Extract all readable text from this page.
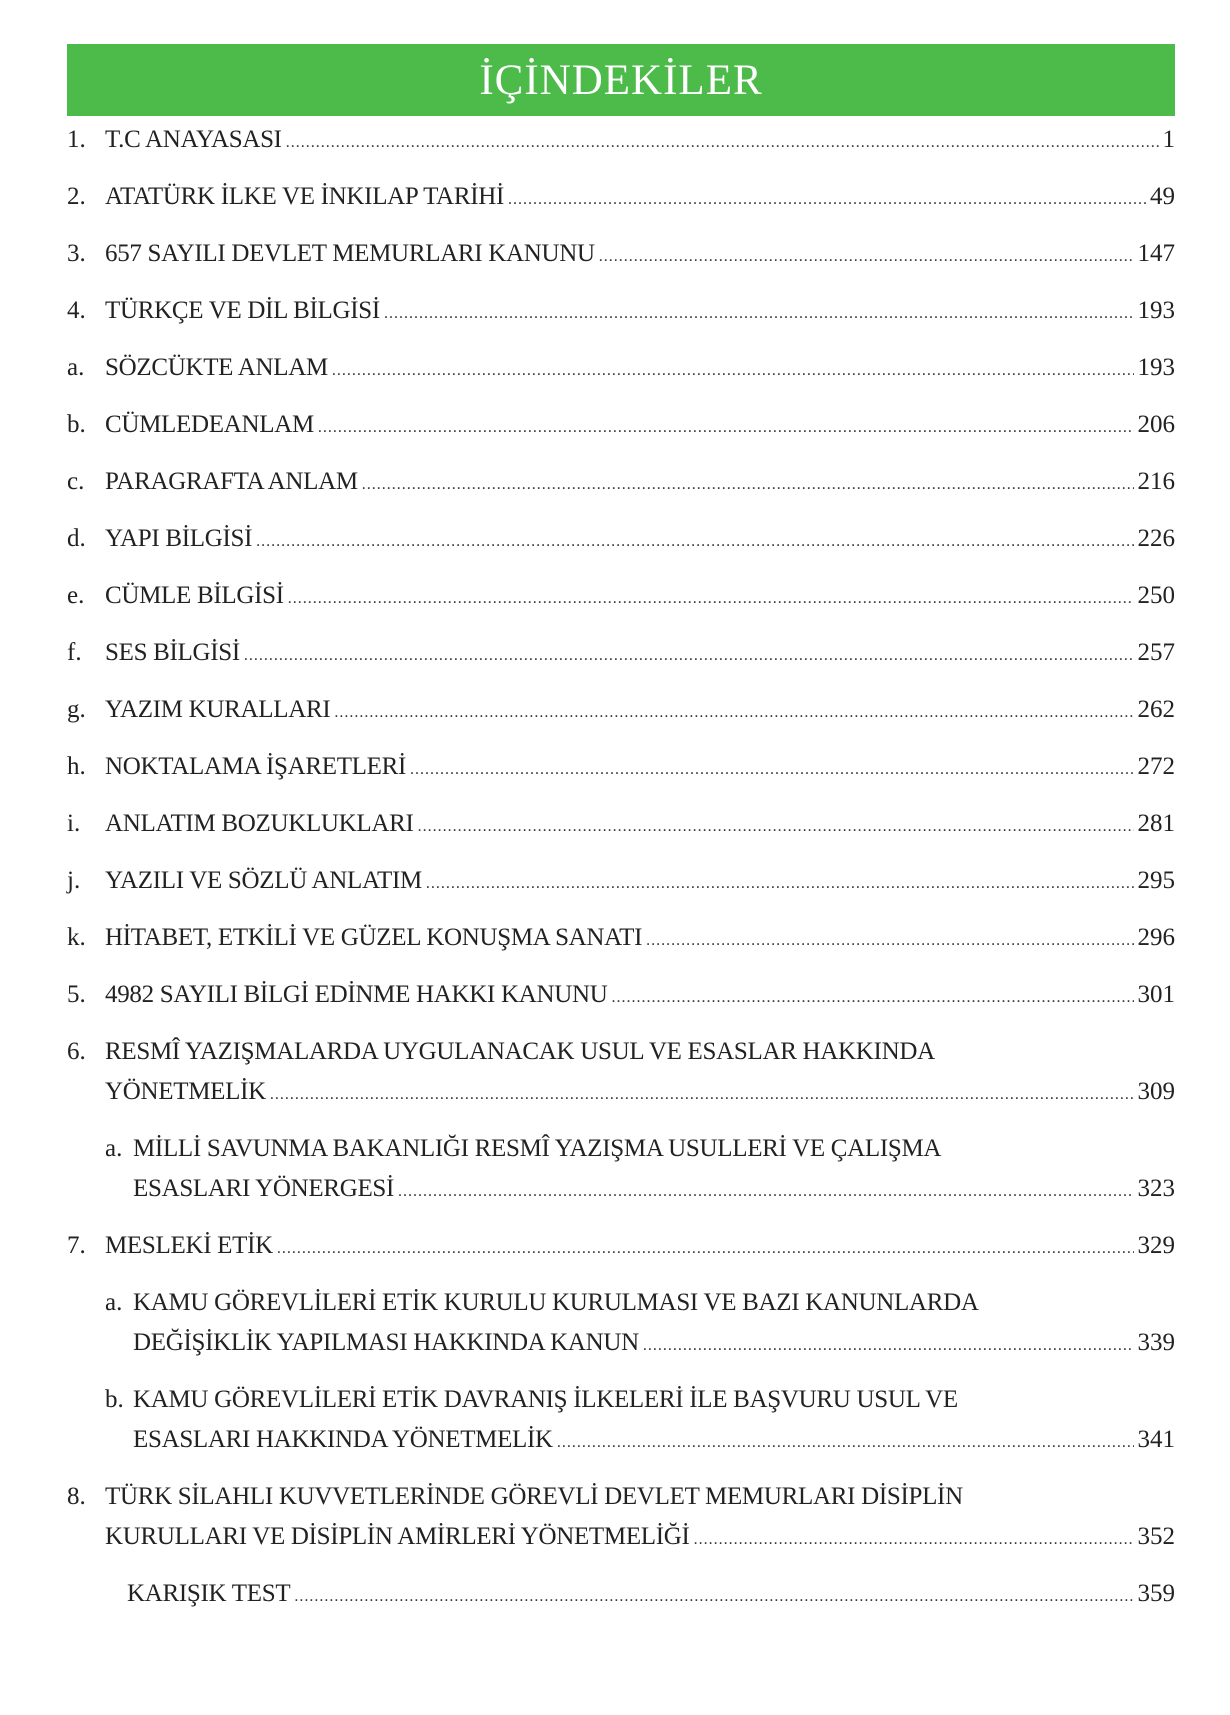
İÇİNDEKİLER
1. T.C ANAYASASI .....	1
2. ATATÜRK İLKE VE İNKILAP TARİHİ .....	49
3. 657 SAYILI DEVLET MEMURLARI KANUNU .....	147
4. TÜRKÇE VE DİL BİLGİSİ .....	193
a. SÖZCÜKTE ANLAM .....	193
b. CÜMLEDEANLAM .....	206
c. PARAGRAFTA ANLAM .....	216
d. YAPI BİLGİSİ .....	226
e. CÜMLE BİLGİSİ .....	250
f. SES BİLGİSİ .....	257
g. YAZIM KURALLARI .....	262
h. NOKTALAMA İŞARETLERİ .....	272
i. ANLATIM BOZUKLUKLARI .....	281
j. YAZILI VE SÖZLÜ ANLATIM .....	295
k. HİTABET, ETKİLİ VE GÜZEL KONUŞMA SANATI .....	296
5. 4982 SAYILI BİLGİ EDİNME HAKKI KANUNU .....	301
6. RESMÎ YAZIŞMALARDA UYGULANACAK USUL VE ESASLAR HAKKINDA
YÖNETMELİK .....	309
a. MİLLİ SAVUNMA BAKANLIĞI RESMÎ YAZIŞMA USULLERİ VE ÇALIŞMA
ESASLARI YÖNERGESİ .....	323
7. MESLEKİ ETİK .....	329
a. KAMU GÖREVLİLERİ ETİK KURULU KURULMASI VE BAZI KANUNLARDA
DEĞİŞİKLİK YAPILMASI HAKKINDA KANUN .....	339
b. KAMU GÖREVLİLERİ ETİK DAVRANIŞ İLKELERİ İLE BAŞVURU USUL VE
ESASLARI HAKKINDA YÖNETMELİK .....	341
8. TÜRK SİLAHLI KUVVETLERİNDE GÖREVLİ DEVLET MEMURLARI DİSİPLİN
KURULLARI VE DİSİPLİN AMİRLERİ YÖNETMELİĞİ .....	352
KARIŞIK TEST .....	359
